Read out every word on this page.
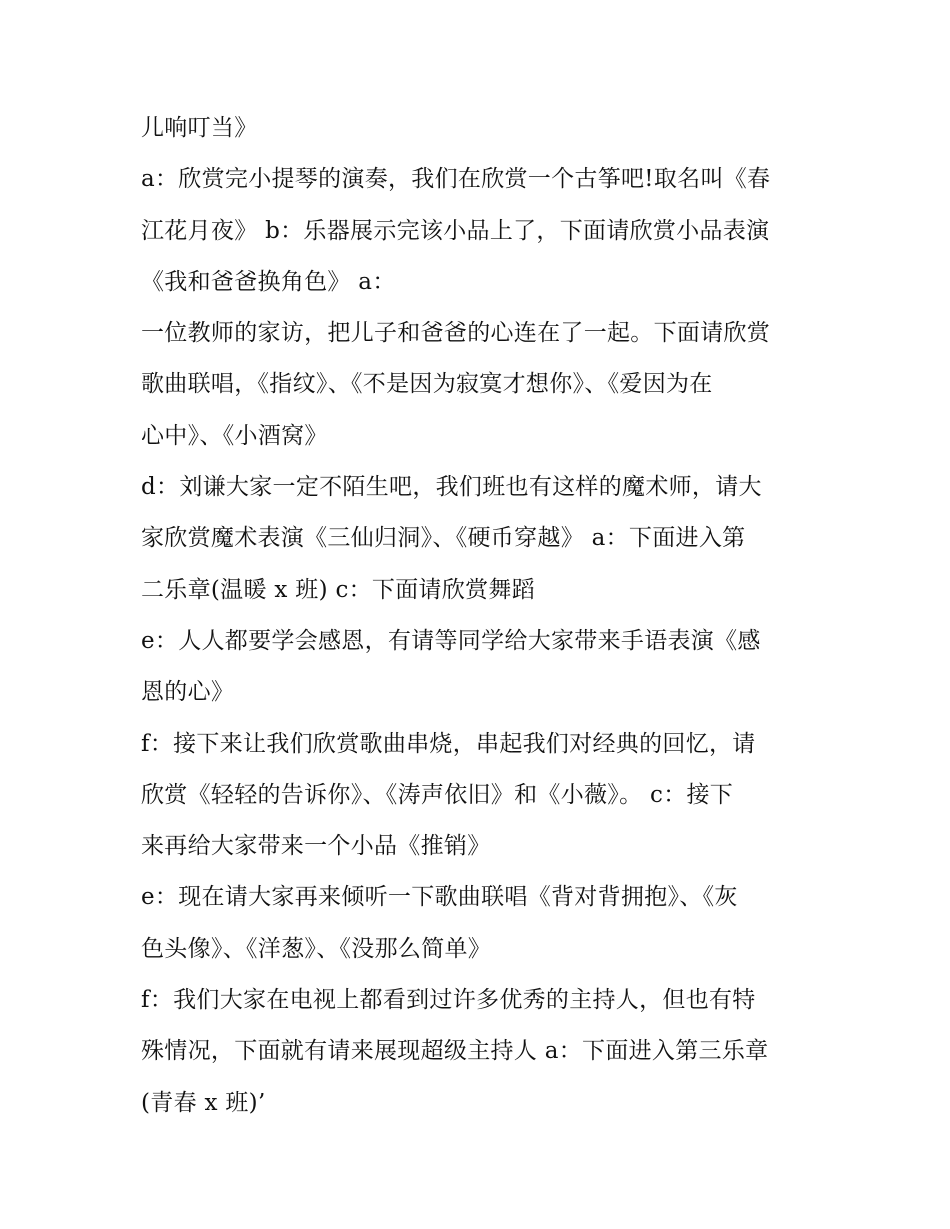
儿响叮当》
a：欣赏完小提琴的演奏，我们在欣赏一个古筝吧!取名叫《春
江花月夜》 b：乐器展示完该小品上了，下面请欣赏小品表演
《我和爸爸换角色》 a：
一位教师的家访，把儿子和爸爸的心连在了一起。下面请欣赏
歌曲联唱，《指纹》、《不是因为寂寞才想你》、《爱因为在
心中》、《小酒窝》
d：刘谦大家一定不陌生吧，我们班也有这样的魔术师，请大
家欣赏魔术表演《三仙归洞》、《硬币穿越》 a：下面进入第
二乐章(温暖 x 班) c：下面请欣赏舞蹈
e：人人都要学会感恩，有请等同学给大家带来手语表演《感
恩的心》
f：接下来让我们欣赏歌曲串烧，串起我们对经典的回忆，请
欣赏《轻轻的告诉你》、《涛声依旧》和《小薇》。 c：接下
来再给大家带来一个小品《推销》
e：现在请大家再来倾听一下歌曲联唱《背对背拥抱》、《灰
色头像》、《洋葱》、《没那么简单》
f：我们大家在电视上都看到过许多优秀的主持人，但也有特
殊情况，下面就有请来展现超级主持人 a：下面进入第三乐章
(青春 x 班)’
